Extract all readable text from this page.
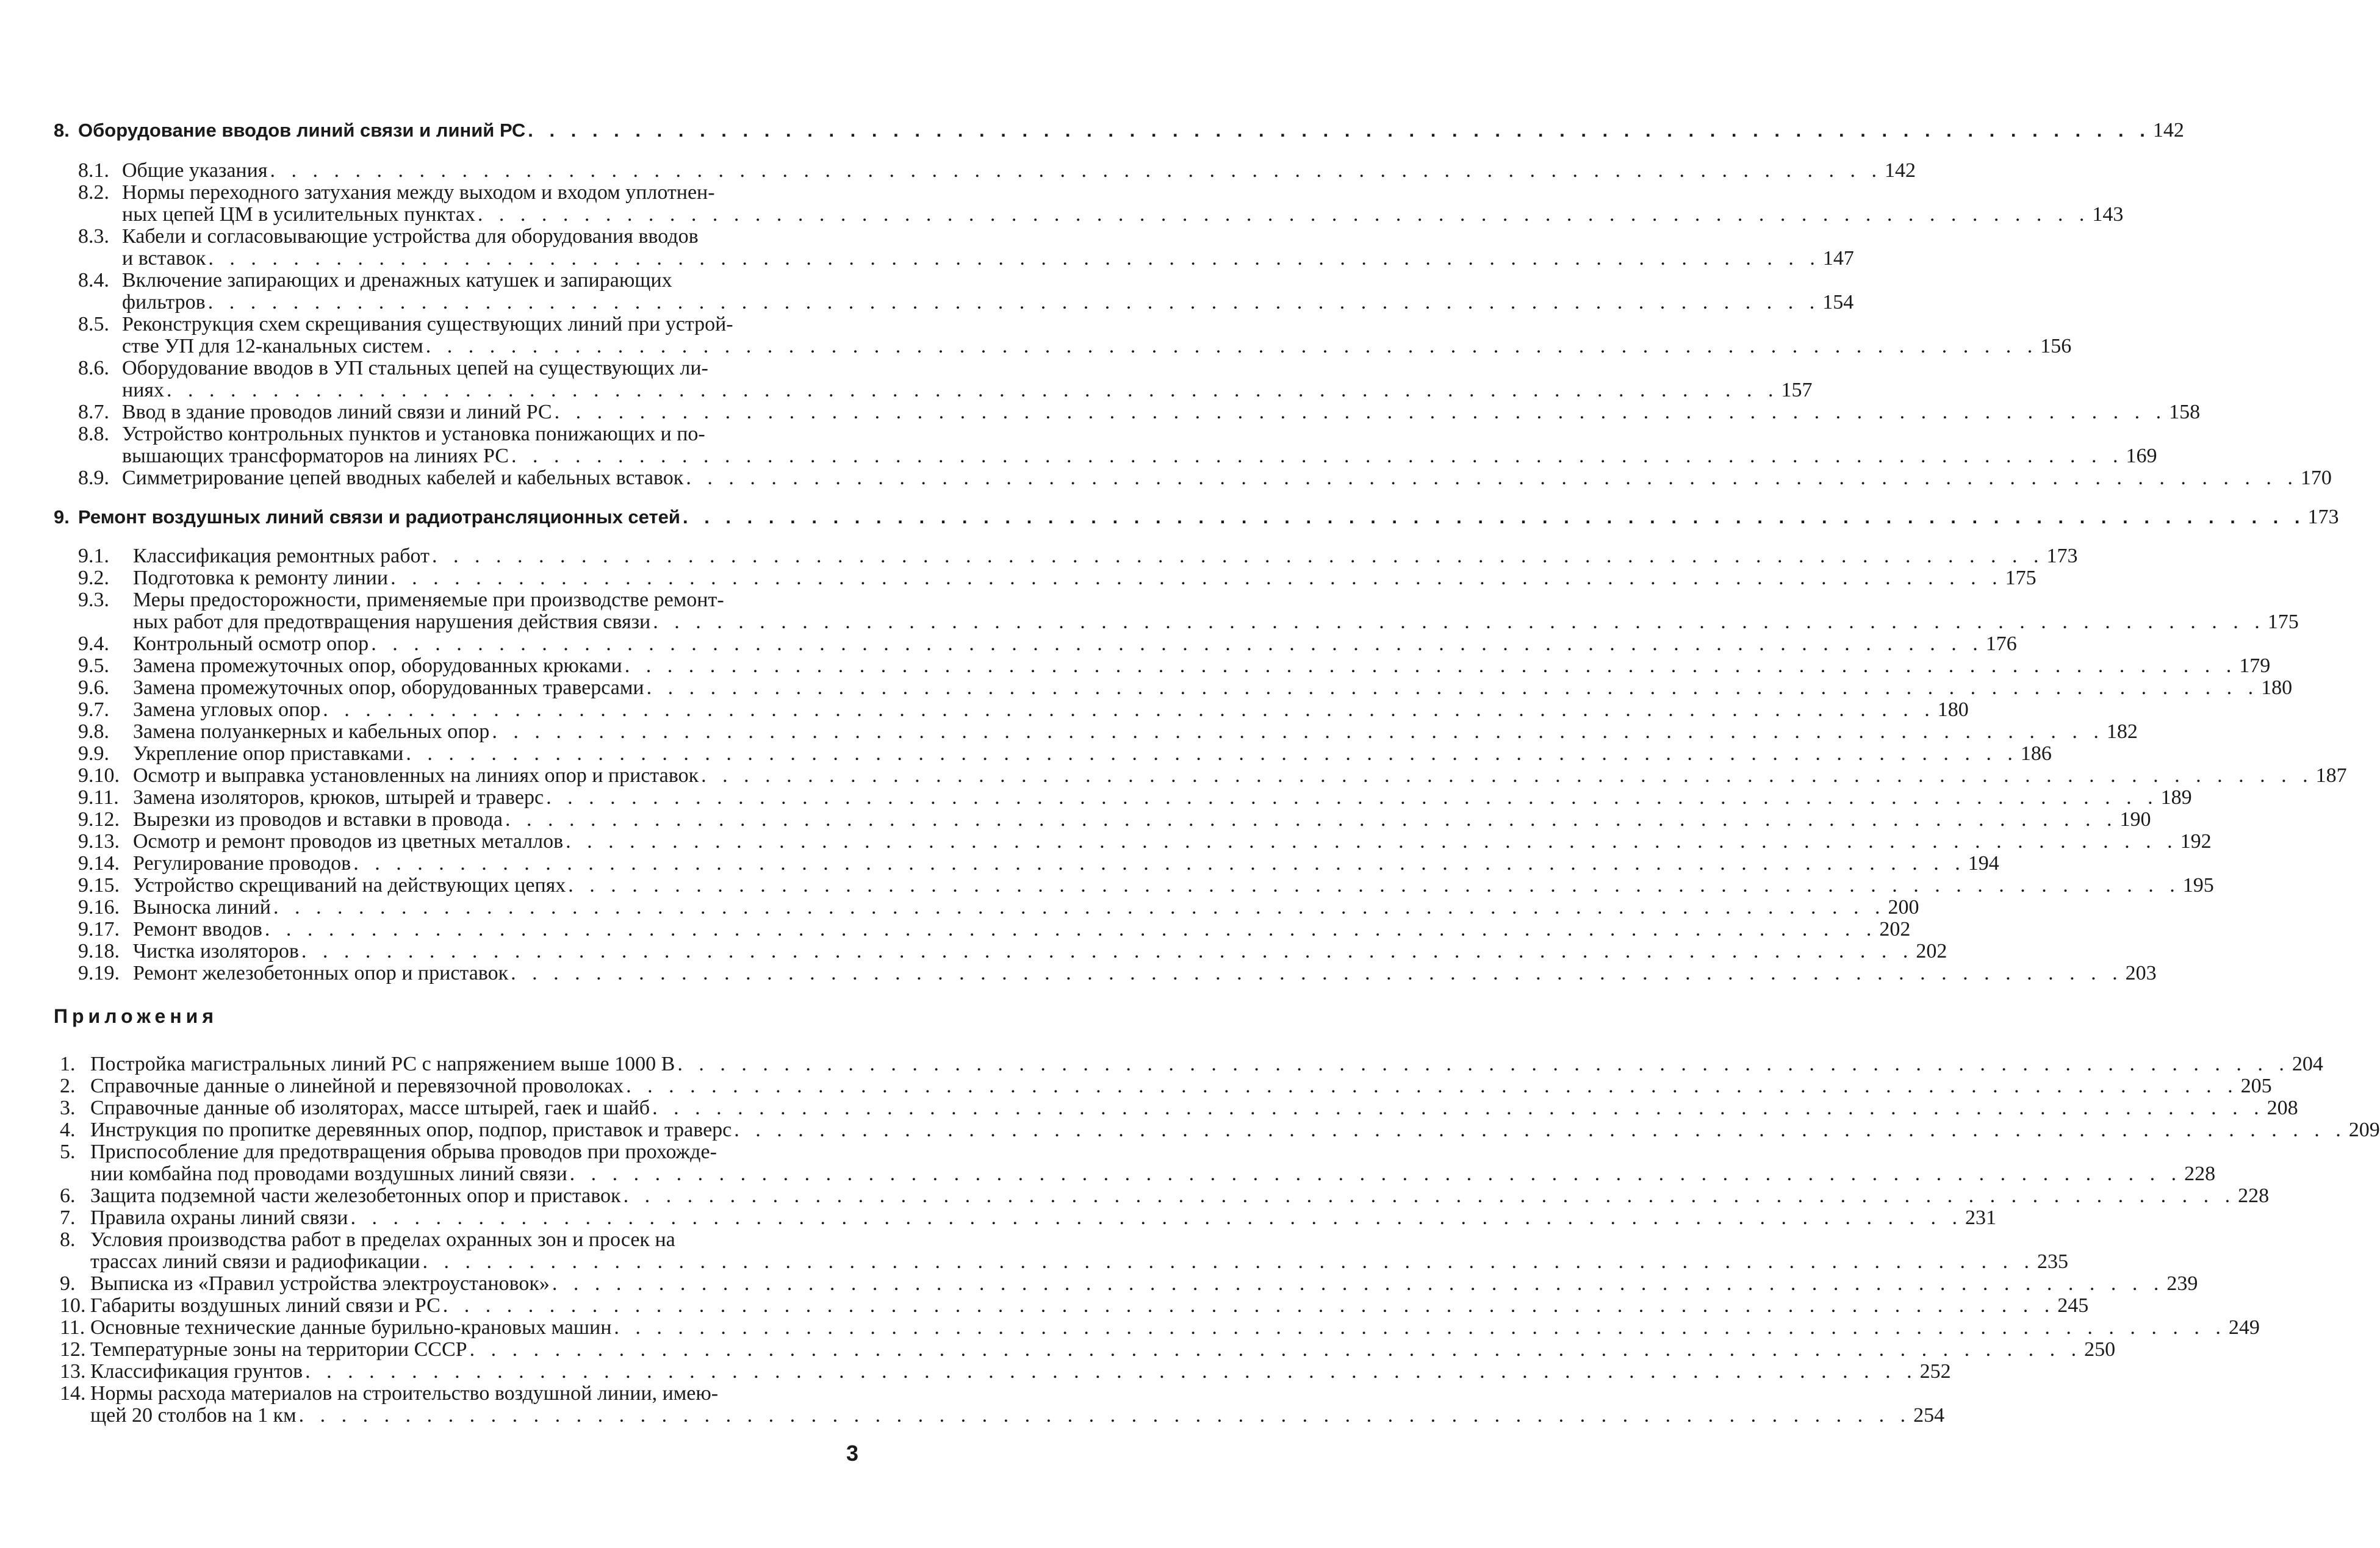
8. Оборудование вводов линий связи и линий РС . . .	142
8.1. Общие указания . . .	142
8.2. Нормы переходного затухания между выходом и входом уплотнен-
ных цепей ЦМ в усилительных пунктах . . .	143
8.3. Кабели и согласовывающие устройства для оборудования вводов
и вставок . . .	147
8.4. Включение запирающих и дренажных катушек и запирающих
фильтров . . .	154
8.5. Реконструкция схем скрещивания существующих линий при устрой-
стве УП для 12-канальных систем . . .	156
8.6. Оборудование вводов в УП стальных цепей на существующих ли-
ниях . . .	157
8.7. Ввод в здание проводов линий связи и линий РС . . .	158
8.8. Устройство контрольных пунктов и установка понижающих и по-
вышающих трансформаторов на линиях РС . . .	169
8.9. Симметрирование цепей вводных кабелей и кабельных вставок . . .	170
9. Ремонт воздушных линий связи и радиотрансляционных сетей . . .	173
9.1.	Классификация ремонтных работ . . .	173
9.2.	Подготовка к ремонту линии . . .	175
9.3. Меры предосторожности, применяемые при производстве ремонт-
ных работ для предотвращения нарушения действия связи . . .	175
9.4.	Контрольный осмотр опор . . .	176
9.5.	Замена промежуточных опор, оборудованных крюками . . .	179
9.6.	Замена промежуточных опор, оборудованных траверсами . . .	180
9.7.	Замена угловых опор . . .	180
9.8.	Замена полуанкерных и кабельных опор . . .	182
9.9.	Укрепление опор приставками . . .	186
9.10. Осмотр и выправка установленных на линиях опор и приставок . . .	187
9.11. Замена изоляторов, крюков, штырей и траверс . . .	189
9.12. Вырезки из проводов и вставки в провода . . .	190
9.13. Осмотр и ремонт проводов из цветных металлов . . .	192
9.14. Регулирование проводов . . .	194
9.15. Устройство скрещиваний на действующих цепях . . .	195
9.16. Выноска линий . . .	200
9.17. Ремонт вводов . . .	202
9.18. Чистка изоляторов . . .	202
9.19. Ремонт железобетонных опор и приставок . . .	203
1. Постройка магистральных линий РС с напряжением выше 1000 В . . .	204
2. Справочные данные о линейной и перевязочной проволоках . . .	205
3. Справочные данные об изоляторах, массе штырей, гаек и шайб . . .	208
4. Инструкция по пропитке деревянных опор, подпор, приставок и траверс . . .	209
5. Приспособление для предотвращения обрыва проводов при прохожде-
нии комбайна под проводами воздушных линий связи . . .	228
6. Защита подземной части железобетонных опор и приставок . . .	228
7. Правила охраны линий связи . . .	231
8. Условия производства работ в пределах охранных зон и просек на
трассах линий связи и радиофикации . . .	235
9. Выписка из «Правил устройства электроустановок» . . .	239
10. Габариты воздушных линий связи и РС . . .	245
11. Основные технические данные бурильно-крановых машин . . .	249
12. Температурные зоны на территории СССР . . .	250
13. Классификация грунтов . . .	252
14. Нормы расхода материалов на строительство воздушной линии, имею-
щей 20 столбов на 1 км . . .	254
Приложения
3
